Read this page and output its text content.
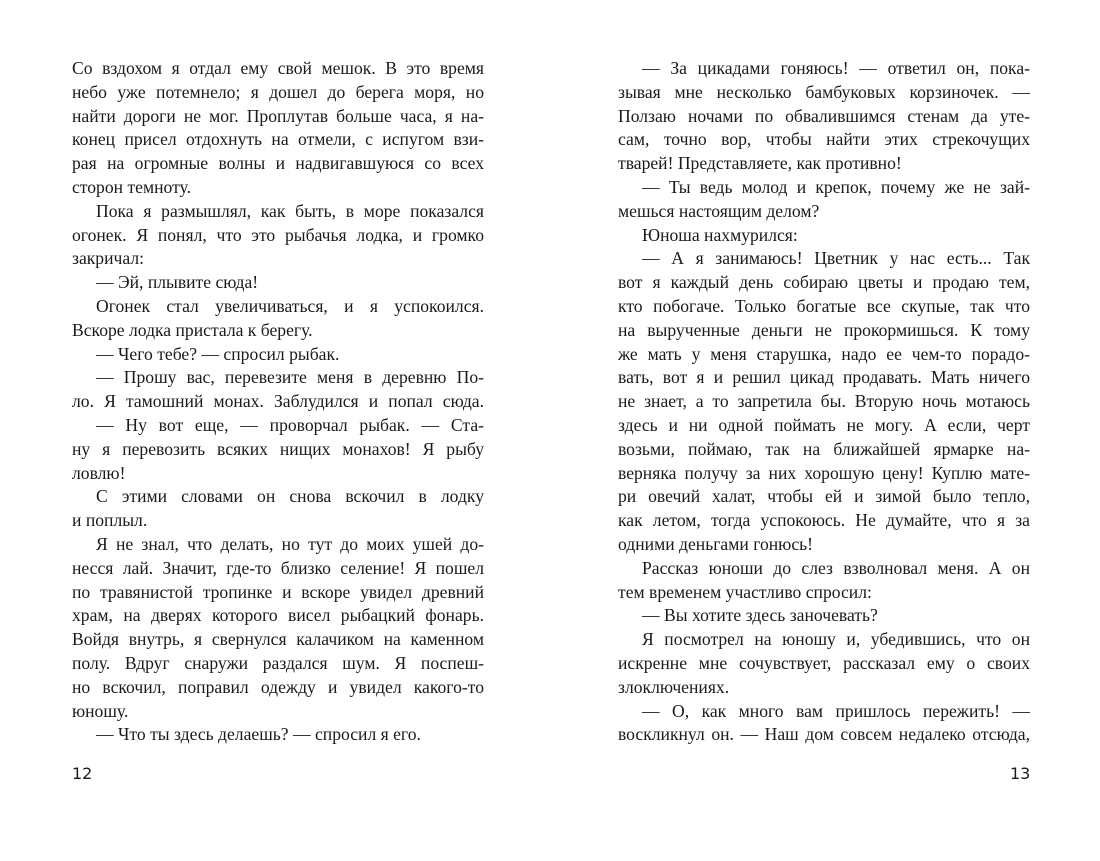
Со вздохом я отдал ему свой мешок. В это время
небо уже потемнело; я дошел до берега моря, но
найти дороги не мог. Проплутав больше часа, я на-
конец присел отдохнуть на отмели, с испугом взи-
рая на огромные волны и надвигавшуюся со всех
сторон темноту.
Пока я размышлял, как быть, в море показался
огонек. Я понял, что это рыбачья лодка, и громко
закричал:
— Эй, плывите сюда!
Огонек стал увеличиваться, и я успокоился.
Вскоре лодка пристала к берегу.
— Чего тебе? — спросил рыбак.
— Прошу вас, перевезите меня в деревню По-
ло. Я тамошний монах. Заблудился и попал сюда.
— Ну вот еще, — проворчал рыбак. — Ста-
ну я перевозить всяких нищих монахов! Я рыбу
ловлю!
С этими словами он снова вскочил в лодку
и поплыл.
Я не знал, что делать, но тут до моих ушей до-
несся лай. Значит, где-то близко селение! Я пошел
по травянистой тропинке и вскоре увидел древний
храм, на дверях которого висел рыбацкий фонарь.
Войдя внутрь, я свернулся калачиком на каменном
полу. Вдруг снаружи раздался шум. Я поспеш-
но вскочил, поправил одежду и увидел какого-то
юношу.
— Что ты здесь делаешь? — спросил я его.
— За цикадами гоняюсь! — ответил он, пока-
зывая мне несколько бамбуковых корзиночек. —
Ползаю ночами по обвалившимся стенам да уте-
сам, точно вор, чтобы найти этих стрекочущих
тварей! Представляете, как противно!
— Ты ведь молод и крепок, почему же не зай-
мешься настоящим делом?
Юноша нахмурился:
— А я занимаюсь! Цветник у нас есть... Так
вот я каждый день собираю цветы и продаю тем,
кто побогаче. Только богатые все скупые, так что
на вырученные деньги не прокормишься. К тому
же мать у меня старушка, надо ее чем-то порадо-
вать, вот я и решил цикад продавать. Мать ничего
не знает, а то запретила бы. Вторую ночь мотаюсь
здесь и ни одной поймать не могу. А если, черт
возьми, поймаю, так на ближайшей ярмарке на-
верняка получу за них хорошую цену! Куплю мате-
ри овечий халат, чтобы ей и зимой было тепло,
как летом, тогда успокоюсь. Не думайте, что я за
одними деньгами гонюсь!
Рассказ юноши до слез взволновал меня. А он
тем временем участливо спросил:
— Вы хотите здесь заночевать?
Я посмотрел на юношу и, убедившись, что он
искренне мне сочувствует, рассказал ему о своих
злоключениях.
— О, как много вам пришлось пережить! —
воскликнул он. — Наш дом совсем недалеко отсюда,
12	13
